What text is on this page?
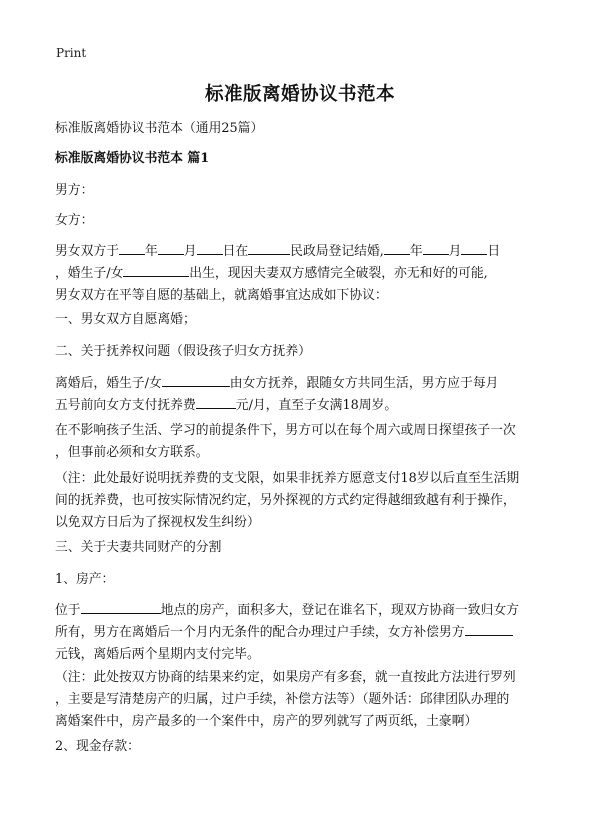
Print
标准版离婚协议书范本
标准版离婚协议书范本（通用25篇）
标准版离婚协议书范本 篇1
男方：
女方：
男女双方于 年 月 日在	民政局登记结婚, 年 月 日
，婚生子/女	出生，现因夫妻双方感情完全破裂，亦无和好的可能,
男女双方在平等自愿的基础上，就离婚事宜达成如下协议：
一、男女双方自愿离婚；
二、关于抚养权问题（假设孩子归女方抚养）
离婚后，婚生子/女	由女方抚养，跟随女方共同生活，男方应于每月
五号前向女方支付抚养费	元/月，直至子女满18周岁。
在不影响孩子生活、学习的前提条件下，男方可以在每个周六或周日探望孩子一次
，但事前必须和女方联系。
（注：此处最好说明抚养费的支戈限，如果非抚养方愿意支付18岁以后直至生活期
间的抚养费，也可按实际情况约定，另外探视的方式约定得越细致越有利于操作，
以免双方日后为了探视权发生纠纷）
三、关于夫妻共同财产的分割
1、房产：
位于	地点的房产，面积多大，登记在谁名下，现双方协商一致归女方
所有，男方在离婚后一个月内无条件的配合办理过户手续，女方补偿男方
元钱，离婚后两个星期内支付完毕。
（注：此处按双方协商的结果来约定，如果房产有多套，就一直按此方法进行罗列
，主要是写清楚房产的归属，过户手续，补偿方法等）（题外话：邱律团队办理的
离婚案件中，房产最多的一个案件中，房产的罗列就写了两页纸，土豪啊）
2、现金存款：
